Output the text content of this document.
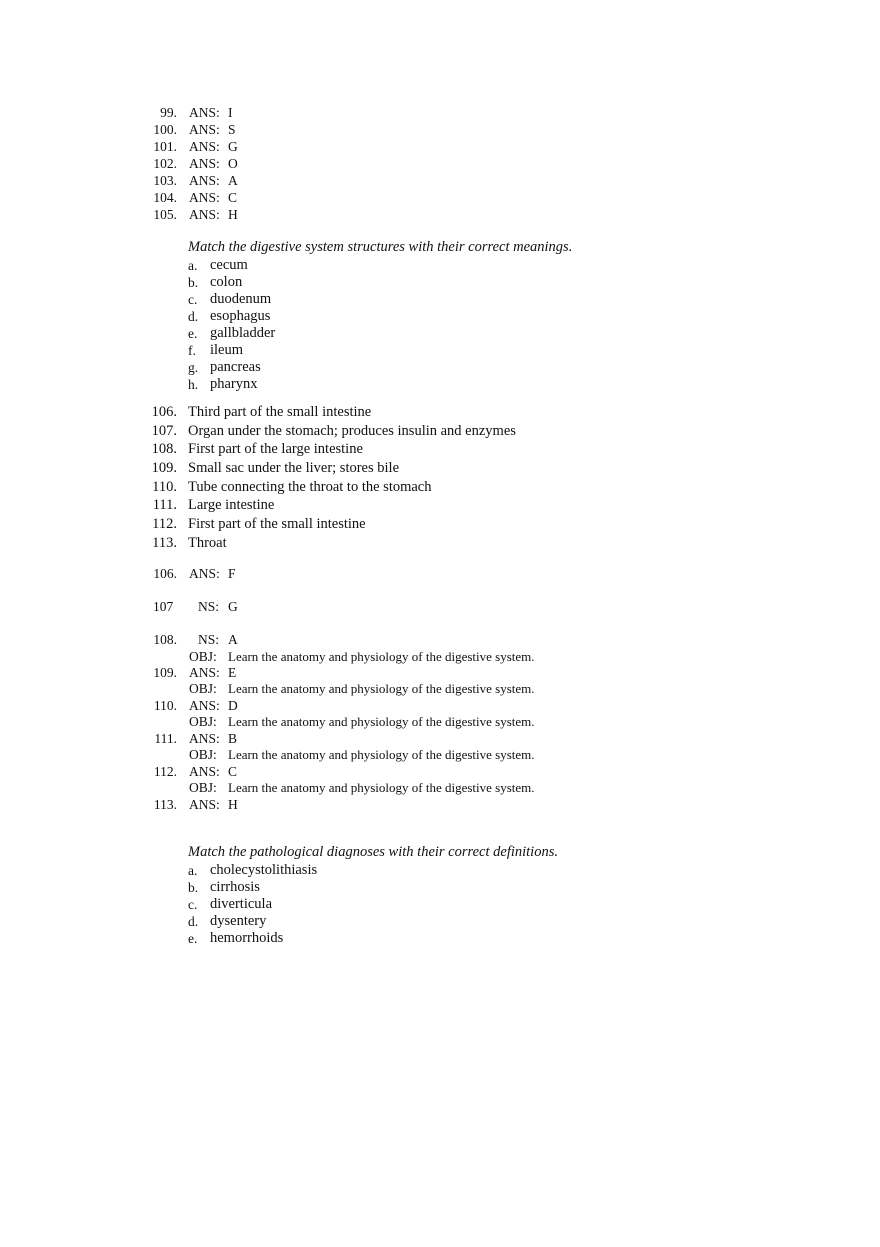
99. ANS: I
100. ANS: S
101. ANS: G
102. ANS: O
103. ANS: A
104. ANS: C
105. ANS: H
Match the digestive system structures with their correct meanings.
a. cecum
b. colon
c. duodenum
d. esophagus
e. gallbladder
f. ileum
g. pancreas
h. pharynx
106. Third part of the small intestine
107. Organ under the stomach; produces insulin and enzymes
108. First part of the large intestine
109. Small sac under the liver; stores bile
110. Tube connecting the throat to the stomach
111. Large intestine
112. First part of the small intestine
113. Throat
106. ANS: F
107 NS: G
108. NS: A
OBJ: Learn the anatomy and physiology of the digestive system.
109. ANS: E
OBJ: Learn the anatomy and physiology of the digestive system.
110. ANS: D
OBJ: Learn the anatomy and physiology of the digestive system.
111. ANS: B
OBJ: Learn the anatomy and physiology of the digestive system.
112. ANS: C
OBJ: Learn the anatomy and physiology of the digestive system.
113. ANS: H
Match the pathological diagnoses with their correct definitions.
a. cholecystolithiasis
b. cirrhosis
c. diverticula
d. dysentery
e. hemorrhoids
